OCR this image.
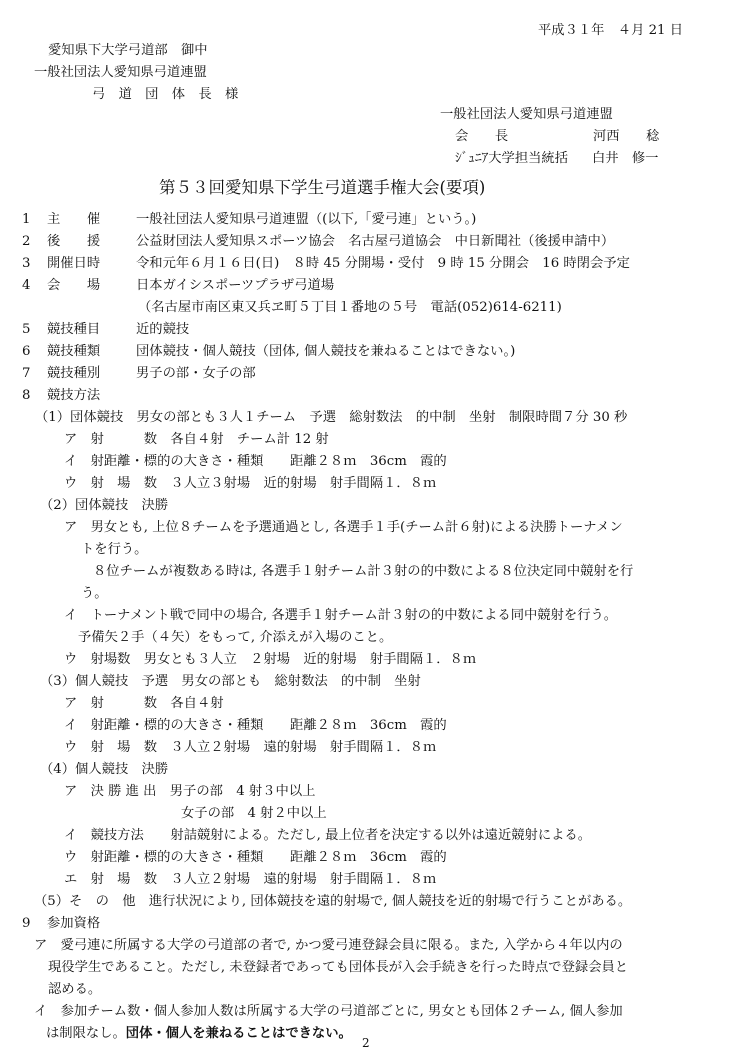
平成３１年　４月 21 日
愛知県下大学弓道部　御中
一般社団法人愛知県弓道連盟
弓　道　団　体　長　様
一般社団法人愛知県弓道連盟
会　　長	河西　　稔
ｼﾞｭﾆｱ大学担当統括 白井　修一
第５３回愛知県下学生弓道選手権大会(要項)
1 主　　催	一般社団法人愛知県弓道連盟（(以下,「愛弓連」という。)
2 後　　援	公益財団法人愛知県スポーツ協会　名古屋弓道協会　中日新聞社（後援申請中）
3 開催日時	令和元年６月１６日(日)　８時 45 分開場・受付　9 時 15 分開会　16 時閉会予定
4 会　　場	日本ガイシスポーツプラザ弓道場
（名古屋市南区東又兵ヱ町５丁目１番地の５号　電話(052)614-6211)
5 競技種目	近的競技
6 競技種類	団体競技・個人競技（団体, 個人競技を兼ねることはできない。)
7 競技種別	男子の部・女子の部
8 競技方法
（1）団体競技　男女の部とも３人１チーム　予選　総射数法　的中制　坐射　制限時間７分 30 秒
ア　射　　　数　各自４射　チーム計 12 射
イ　射距離・標的の大きさ・種類　　距離２８ｍ　36cm　霞的
ウ　射　場　数　３人立３射場　近的射場　射手間隔１．８ｍ
（2）団体競技　決勝
ア　男女とも, 上位８チームを予選通過とし, 各選手１手(チーム計６射)による決勝トーナメン
トを行う。
８位チームが複数ある時は, 各選手１射チーム計３射の的中数による８位決定同中競射を行
う。
イ　トーナメント戦で同中の場合, 各選手１射チーム計３射の的中数による同中競射を行う。
予備矢２手（４矢）をもって, 介添えが入場のこと。
ウ　射場数　男女とも３人立　２射場　近的射場　射手間隔１．８ｍ
（3）個人競技　予選　男女の部とも　総射数法　的中制　坐射
ア　射　　　数　各自４射
イ　射距離・標的の大きさ・種類　　距離２８ｍ　36cm　霞的
ウ　射　場　数　３人立２射場　遠的射場　射手間隔１．８ｍ
（4）個人競技　決勝
ア　決 勝 進 出　男子の部　4 射３中以上
女子の部　4 射２中以上
イ　競技方法　　射詰競射による。ただし, 最上位者を決定する以外は遠近競射による。
ウ　射距離・標的の大きさ・種類　　距離２８ｍ　36cm　霞的
エ　射　場　数　３人立２射場　遠的射場　射手間隔１．８ｍ
（5）そ　の　他　進行状況により, 団体競技を遠的射場で, 個人競技を近的射場で行うことがある。
9 参加資格
ア　愛弓連に所属する大学の弓道部の者で, かつ愛弓連登録会員に限る。また, 入学から４年以内の
現役学生であること。ただし, 未登録者であっても団体長が入会手続きを行った時点で登録会員と
認める。
イ　参加チーム数・個人参加人数は所属する大学の弓道部ごとに, 男女とも団体２チーム, 個人参加
は制限なし。団体・個人を兼ねることはできない。
2
